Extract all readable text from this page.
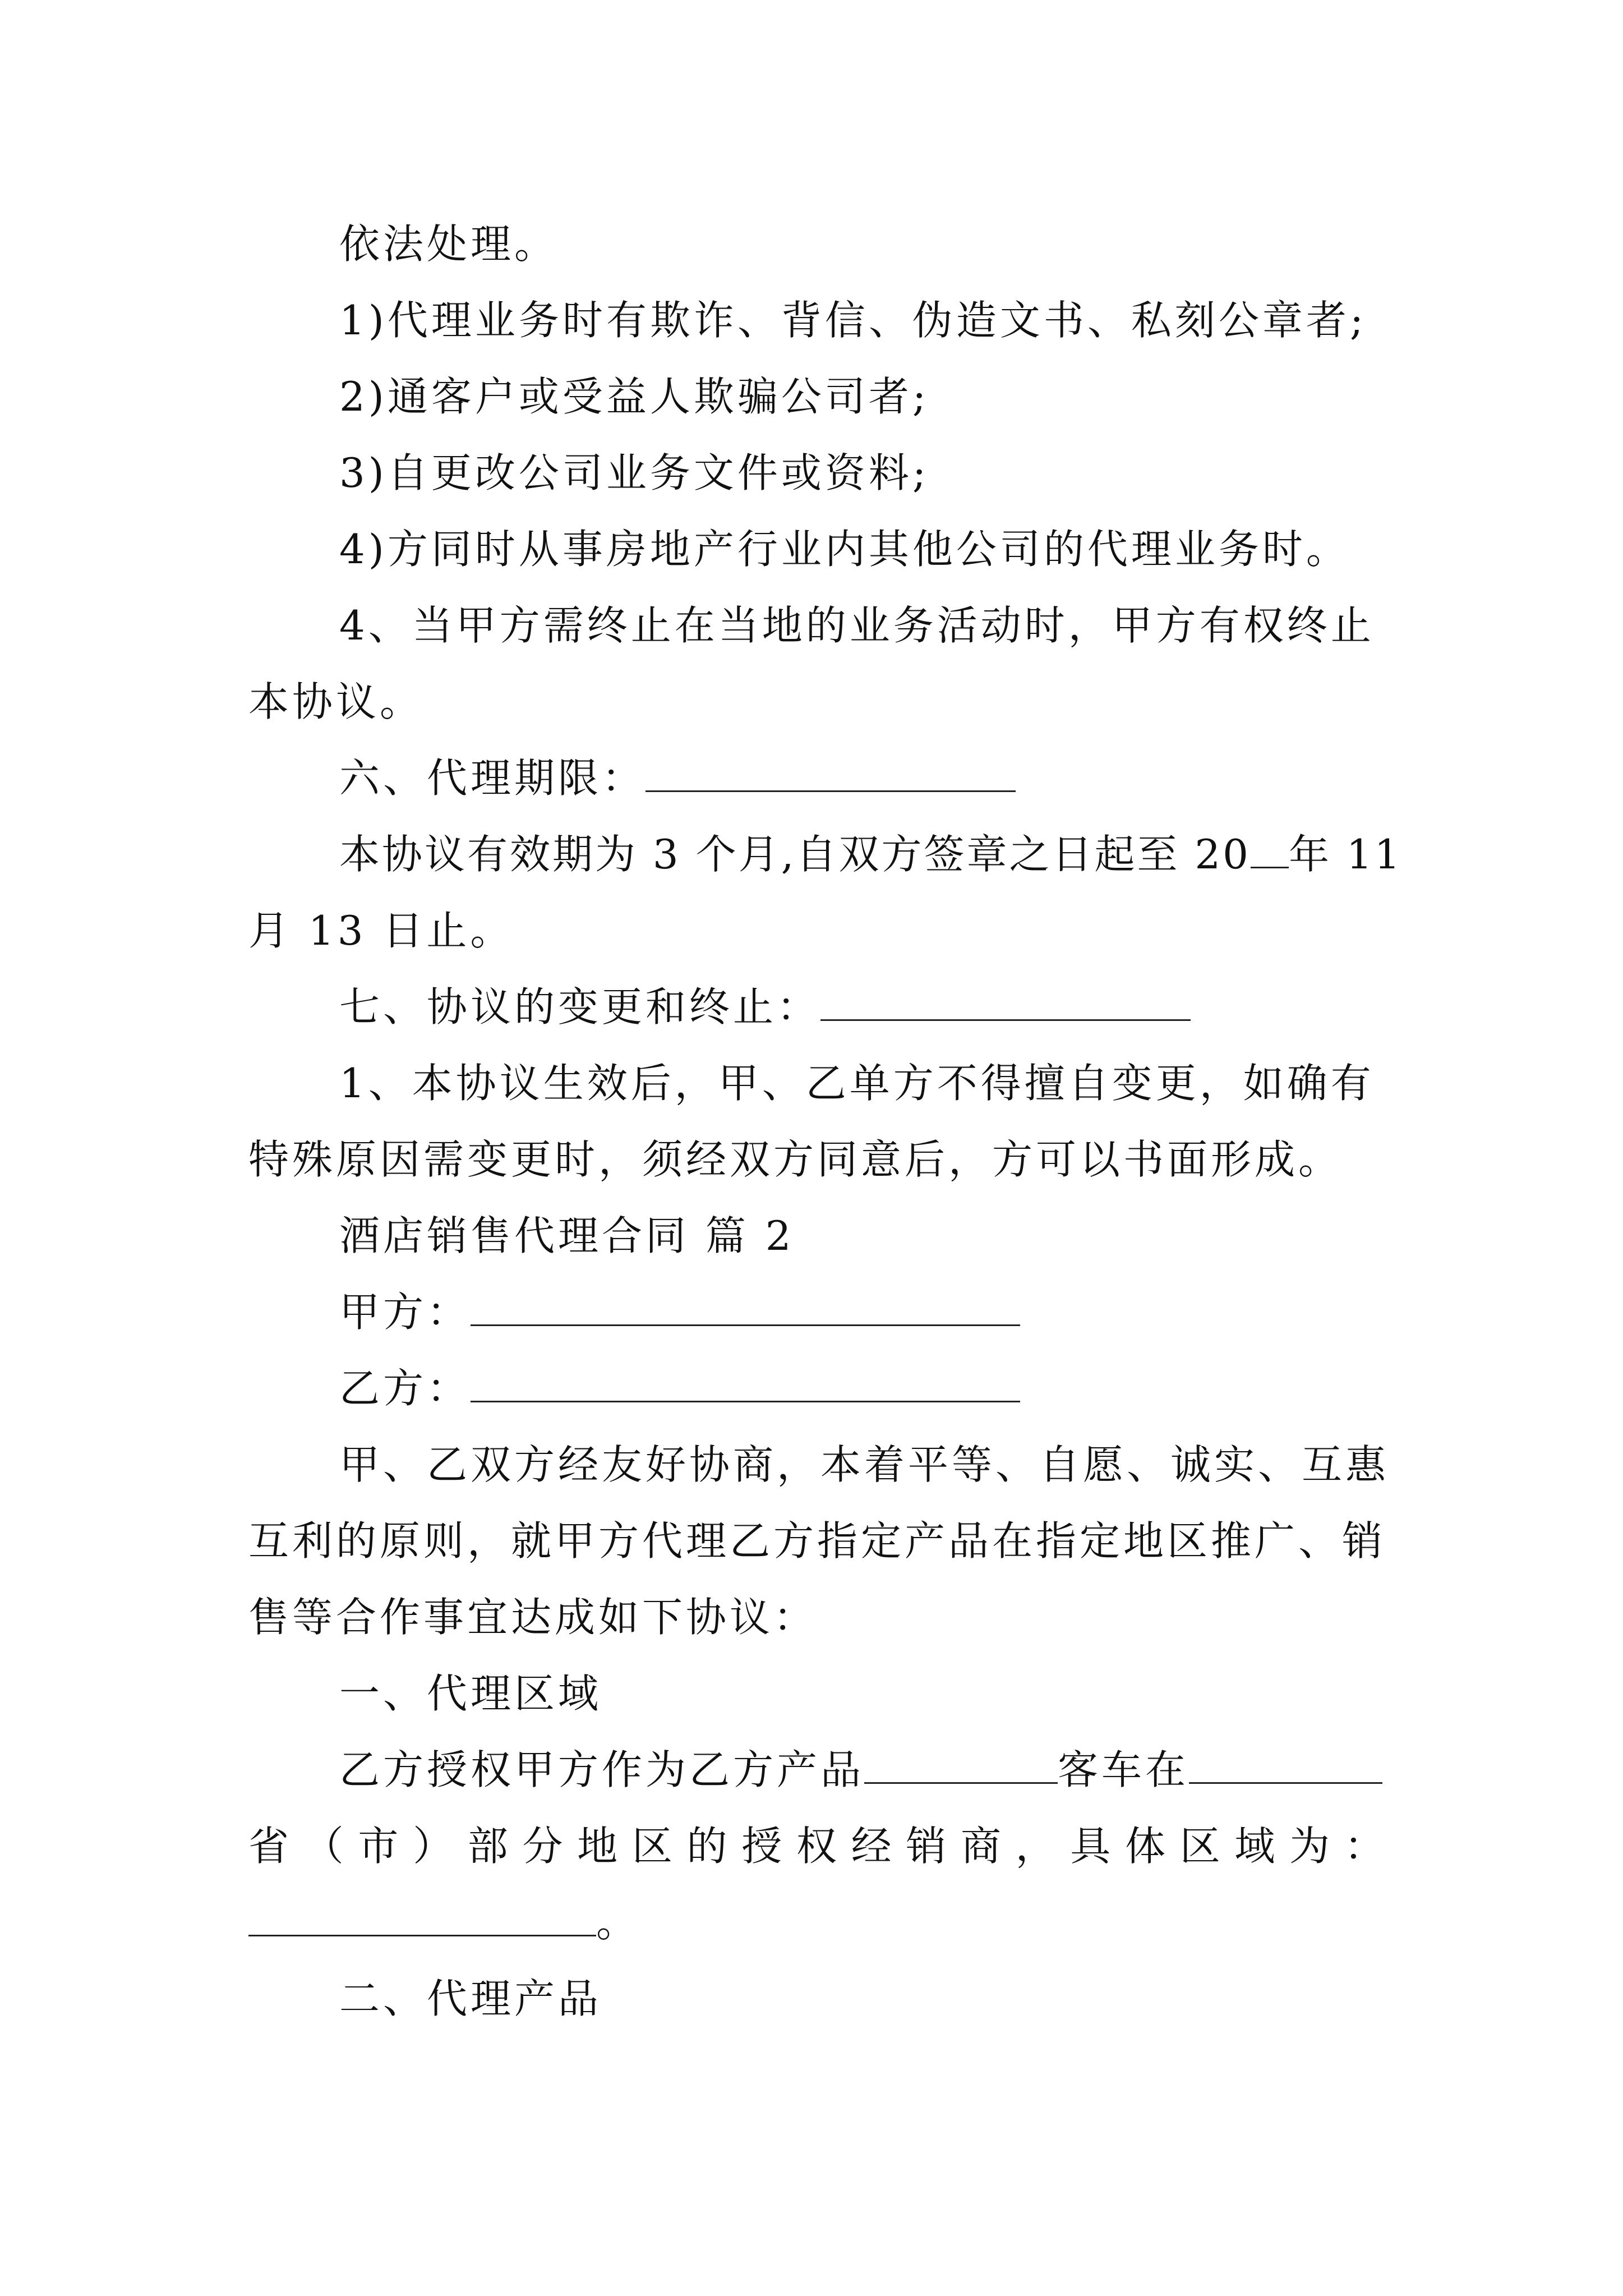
依法处理。
1)代理业务时有欺诈、背信、伪造文书、私刻公章者;
2)通客户或受益人欺骗公司者;
3)自更改公司业务文件或资料;
4)方同时从事房地产行业内其他公司的代理业务时。
4、当甲方需终止在当地的业务活动时，甲方有权终止
本协议。
六、代理期限：
本协议有效期为 3 个月,自双方签章之日起至 20 年 11
月 13 日止。
七、协议的变更和终止：
1、本协议生效后，甲、乙单方不得擅自变更，如确有
特殊原因需变更时，须经双方同意后，方可以书面形成。
酒店销售代理合同 篇 2
甲方：
乙方：
甲、乙双方经友好协商，本着平等、自愿、诚实、互惠
互利的原则，就甲方代理乙方指定产品在指定地区推广、销
售等合作事宜达成如下协议：
一、代理区域
乙方授权甲方作为乙方产品	客车在
省 （ 市 ） 部 分 地 区 的 授 权 经 销 商 ， 具 体 区 域 为 ：
。
二、代理产品
